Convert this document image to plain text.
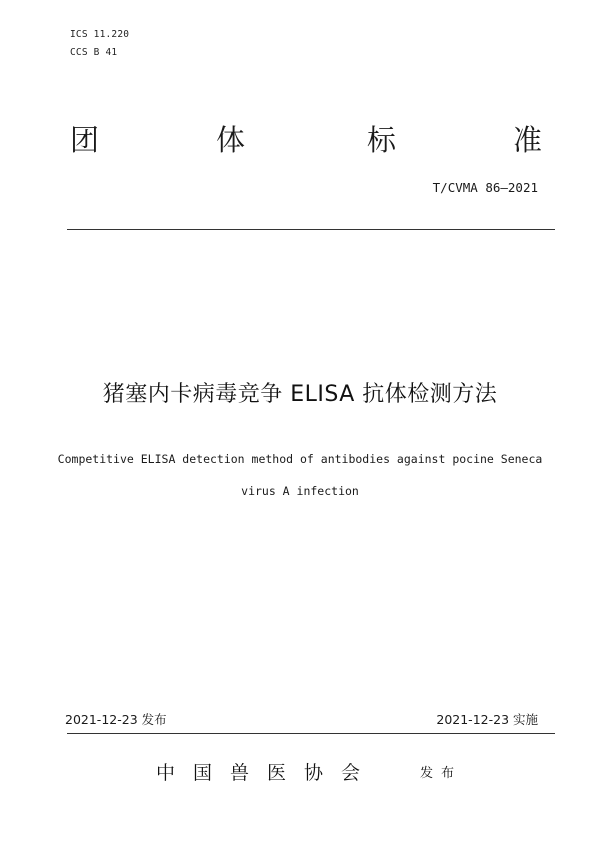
ICS 11.220
CCS B 41
团	体	标	准
T/CVMA 86—2021
猪塞内卡病毒竞争 ELISA 抗体检测方法
Competitive ELISA detection method of antibodies against pocine Seneca
virus A infection
2021-12-23 发布	2021-12-23 实施
中国兽医协会	发布
